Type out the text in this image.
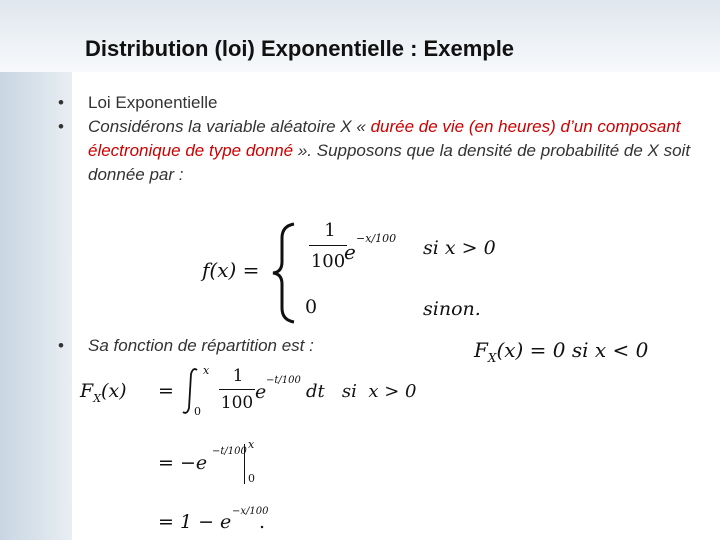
Distribution (loi) Exponentielle : Exemple
• Loi Exponentielle
• Considérons la variable aléatoire X « durée de vie (en heures) d’un composant électronique de type donné ». Supposons que la densité de probabilité de X soit donnée par :
• Sa fonction de répartition est :
f(x) =
1
100
e
−x/100 si x > 0
0	sinon.
$F_X(x) = 0$ si x < 0
$F_X(x)$ =
x
0
1
100 e
−t/100
dt   si  x > 0
= −e
−t/100
x
0
= 1 − e −x/100
.
